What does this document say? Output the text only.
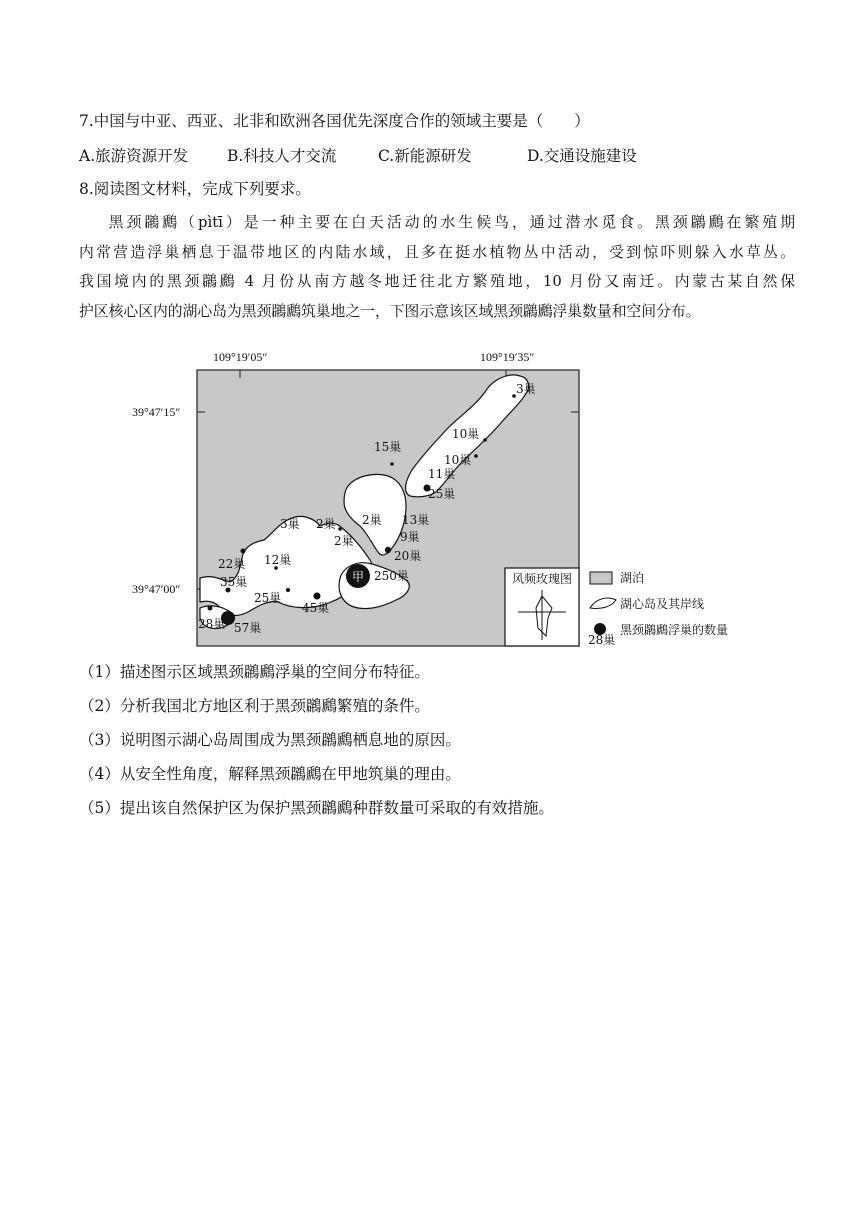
7.中国与中亚、西亚、北非和欧洲各国优先深度合作的领域主要是（　　）
A.旅游资源开发	B.科技人才交流	C.新能源研发	D.交通设施建设
8.阅读图文材料，完成下列要求。

黑颈鸊鷉（pìtī）是一种主要在白天活动的水生候鸟，通过潜水觅食。黑颈鸊鷉在繁殖期

内常营造浮巢栖息于温带地区的内陆水域，且多在挺水植物丛中活动，受到惊吓则躲入水草丛。

我国境内的黑颈鸊鷉 4 月份从南方越冬地迁往北方繁殖地，10 月份又南迁。内蒙古某自然保

护区核心区内的湖心岛为黑颈鸊鷉筑巢地之一，下图示意该区域黑颈鸊鷉浮巢数量和空间分布。

109°19′05″	109°19′35″
39°47′15″
39°47′00″
甲
3巢
10巢
10巢
15巢
11巢
25巢
2巢
2巢	13巢
3巢
2巢	9巢
20巢
22巢 12巢
250巢
35巢
25巢
45巢
28巢 57巢
风频玫瑰图	湖泊
湖心岛及其岸线
28巢
黑颈鸊鷉浮巢的数量
（1）描述图示区域黑颈鸊鷉浮巢的空间分布特征。
（2）分析我国北方地区利于黑颈鸊鷉繁殖的条件。
（3）说明图示湖心岛周围成为黑颈鸊鷉栖息地的原因。
（4）从安全性角度，解释黑颈鸊鷉在甲地筑巢的理由。
（5）提出该自然保护区为保护黑颈鸊鷉种群数量可采取的有效措施。
